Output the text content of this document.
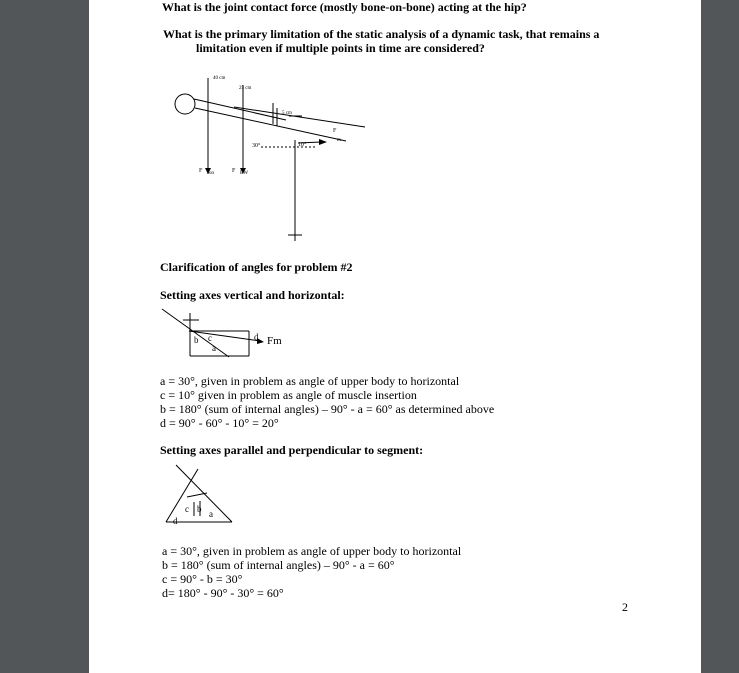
What is the joint contact force (mostly bone-on-bone) acting at the hip?
What is the primary limitation of the static analysis of a dynamic task, that remains a
limitation even if multiple points in time are considered?
40 cm
25 cm
5 cm
30°	10°
F
m
F box	F BW
Clarification of angles for problem #2
Setting axes vertical and horizontal:
b c
a
d Fm
a = 30°, given in problem as angle of upper body to horizontal
c = 10° given in problem as angle of muscle insertion
b = 180° (sum of internal angles) – 90° - a = 60° as determined above
d = 90° - 60° - 10° = 20°
Setting axes parallel and perpendicular to segment:
c b a
d
a = 30°, given in problem as angle of upper body to horizontal
b = 180° (sum of internal angles) – 90° - a = 60°
c = 90° - b = 30°
d= 180° - 90° - 30° = 60°
2
